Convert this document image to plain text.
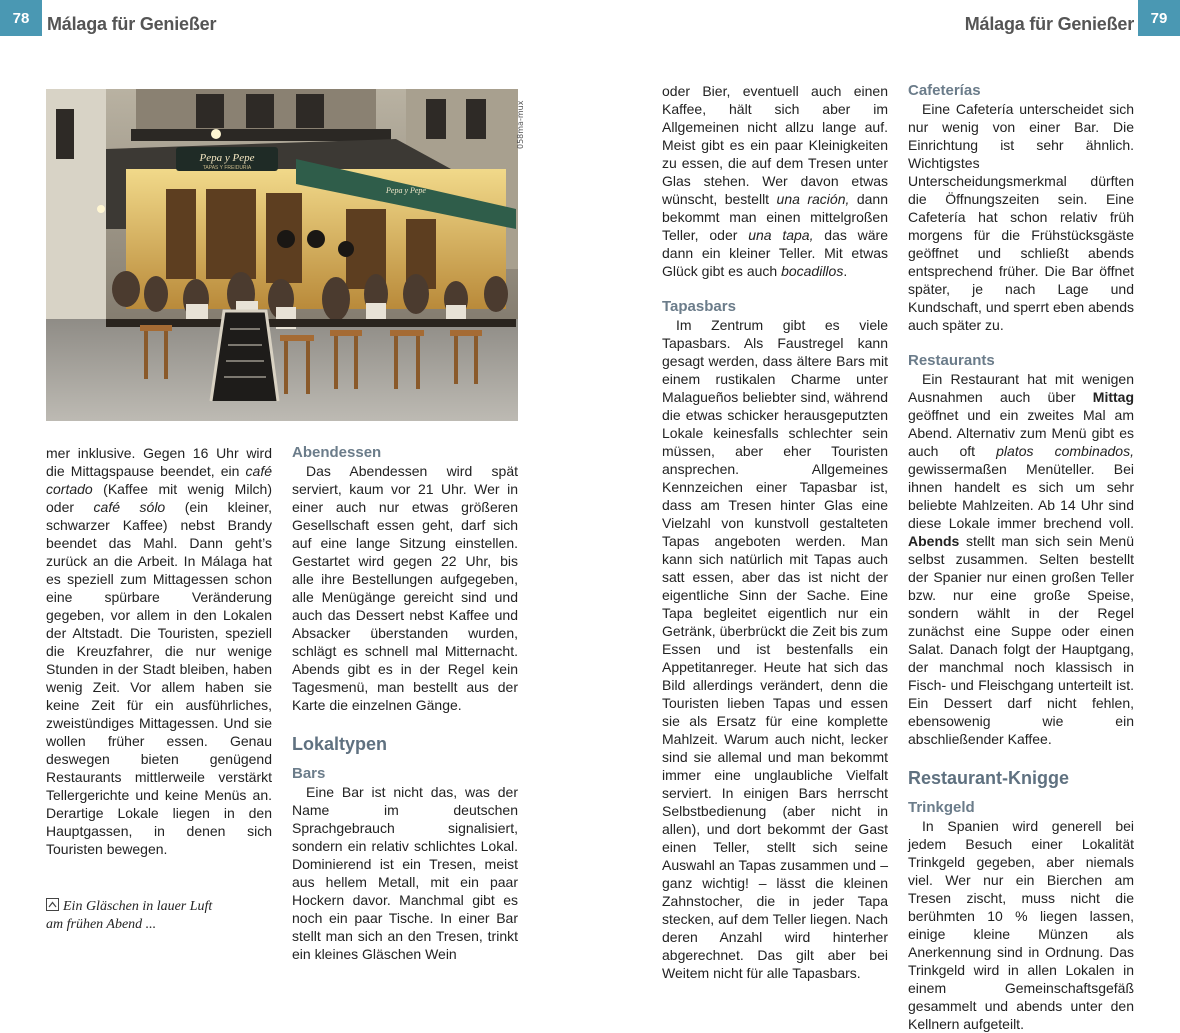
78 Málaga für Genießer	Málaga für Genießer	79
Pepa y Pepe
TAPAS Y FREIDURIA
Pepa y Pepe
058ma-mux

mer inklusive. Gegen 16 Uhr wird die Mittagspause beendet, ein café cortado (Kaffee mit wenig Milch) oder café sólo (ein kleiner, schwarzer Kaffee) nebst Brandy beendet das Mahl. Dann geht’s zurück an die Arbeit. In Málaga hat es speziell zum Mittagessen schon eine spürbare Veränderung gegeben, vor allem in den Lokalen der Altstadt. Die Touristen, speziell die Kreuzfahrer, die nur wenige Stunden in der Stadt bleiben, haben wenig Zeit. Vor allem haben sie keine Zeit für ein ausführliches, zweistündiges Mittagessen. Und sie wollen früher essen. Genau deswegen bieten genügend Restaurants mittlerweile verstärkt Tellergerichte und keine Menüs an. Derartige Lokale liegen in den Hauptgassen, in denen sich Touristen bewegen.

Ein Gläschen in lauer Luft
am frühen Abend ...
Abendessen

Das Abendessen wird spät serviert, kaum vor 21 Uhr. Wer in einer auch nur etwas größeren Gesellschaft essen geht, darf sich auf eine lange Sitzung einstellen. Gestartet wird gegen 22 Uhr, bis alle ihre Bestellungen aufgegeben, alle Menügänge gereicht sind und auch das Dessert nebst Kaffee und Absacker überstanden wurden, schlägt es schnell mal Mitternacht. Abends gibt es in der Regel kein Tagesmenü, man bestellt aus der Karte die einzelnen Gänge.

Lokaltypen
Bars

Eine Bar ist nicht das, was der Name im deutschen Sprachgebrauch signalisiert, sondern ein relativ schlichtes Lokal. Dominierend ist ein Tresen, meist aus hellem Metall, mit ein paar Hockern davor. Manchmal gibt es noch ein paar Tische. In einer Bar stellt man sich an den Tresen, trinkt ein kleines Gläschen Wein

oder Bier, eventuell auch einen Kaffee, hält sich aber im Allgemeinen nicht allzu lange auf. Meist gibt es ein paar Kleinigkeiten zu essen, die auf dem Tresen unter Glas stehen. Wer davon etwas wünscht, bestellt una ración, dann bekommt man einen mittelgroßen Teller, oder una tapa, das wäre dann ein kleiner Teller. Mit etwas Glück gibt es auch bocadillos.

Tapasbars

Im Zentrum gibt es viele Tapasbars. Als Faustregel kann gesagt werden, dass ältere Bars mit einem rustikalen Charme unter Malagueños beliebter sind, während die etwas schicker herausgeputzten Lokale keinesfalls schlechter sein müssen, aber eher Touristen ansprechen. Allgemeines Kennzeichen einer Tapasbar ist, dass am Tresen hinter Glas eine Vielzahl von kunstvoll gestalteten Tapas angeboten werden. Man kann sich natürlich mit Tapas auch satt essen, aber das ist nicht der eigentliche Sinn der Sache. Eine Tapa begleitet eigentlich nur ein Getränk, überbrückt die Zeit bis zum Essen und ist bestenfalls ein Appetitanreger. Heute hat sich das Bild allerdings verändert, denn die Touristen lieben Tapas und essen sie als Ersatz für eine komplette Mahlzeit. Warum auch nicht, lecker sind sie allemal und man bekommt immer eine unglaubliche Vielfalt serviert. In einigen Bars herrscht Selbstbedienung (aber nicht in allen), und dort bekommt der Gast einen Teller, stellt sich seine Auswahl an Tapas zusammen und – ganz wichtig! – lässt die kleinen Zahnstocher, die in jeder Tapa stecken, auf dem Teller liegen. Nach deren Anzahl wird hinterher abgerechnet. Das gilt aber bei Weitem nicht für alle Tapasbars.

Cafeterías

Eine Cafetería unterscheidet sich nur wenig von einer Bar. Die Einrichtung ist sehr ähnlich. Wichtigstes Unterscheidungsmerkmal dürften die Öffnungszeiten sein. Eine Cafetería hat schon relativ früh morgens für die Frühstücksgäste geöffnet und schließt abends entsprechend früher. Die Bar öffnet später, je nach Lage und Kundschaft, und sperrt eben abends auch später zu.

Restaurants

Ein Restaurant hat mit wenigen Ausnahmen auch über Mittag geöffnet und ein zweites Mal am Abend. Alternativ zum Menü gibt es auch oft platos combinados, gewissermaßen Menüteller. Bei ihnen handelt es sich um sehr beliebte Mahlzeiten. Ab 14 Uhr sind diese Lokale immer brechend voll. Abends stellt man sich sein Menü selbst zusammen. Selten bestellt der Spanier nur einen großen Teller bzw. nur eine große Speise, sondern wählt in der Regel zunächst eine Suppe oder einen Salat. Danach folgt der Hauptgang, der manchmal noch klassisch in Fisch- und Fleischgang unterteilt ist. Ein Dessert darf nicht fehlen, ebensowenig wie ein abschließender Kaffee.

Restaurant-Knigge
Trinkgeld

In Spanien wird generell bei jedem Besuch einer Lokalität Trinkgeld gegeben, aber niemals viel. Wer nur ein Bierchen am Tresen zischt, muss nicht die berühmten 10 % liegen lassen, einige kleine Münzen als Anerkennung sind in Ordnung. Das Trinkgeld wird in allen Lokalen in einem Gemeinschaftsgefäß gesammelt und abends unter den Kellnern aufgeteilt.
